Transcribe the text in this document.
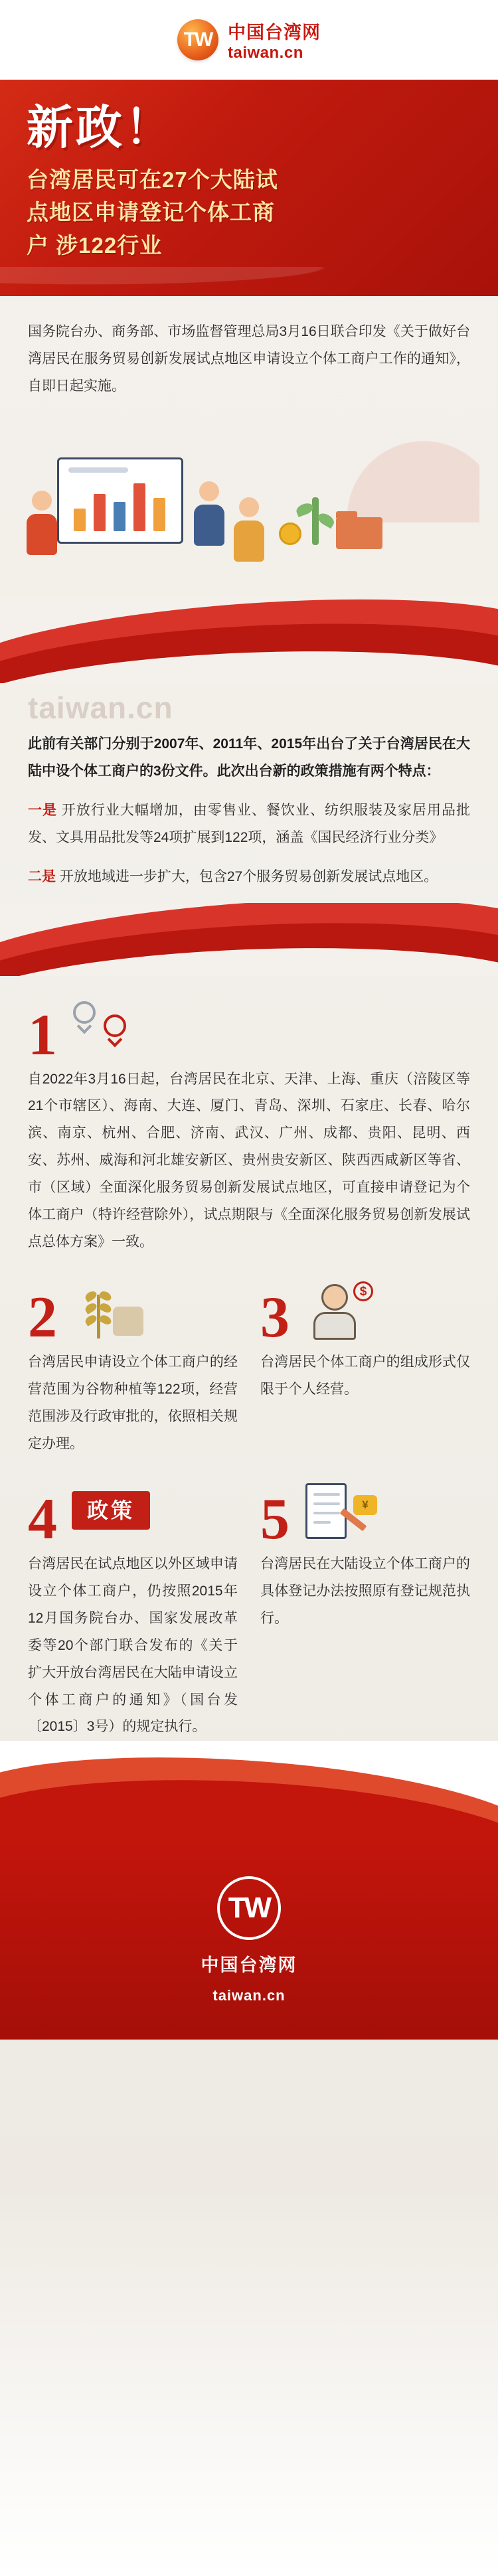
TW 中国台湾网
taiwan.cn
新政！
台湾居民可在27个大陆试
点地区申请登记个体工商
户 涉122行业
国务院台办、商务部、市场监督管理总局3月16日联合印发《关于做好台湾居民在服务贸易创新发展试点地区申请设立个体工商户工作的通知》，自即日起实施。
taiwan.cn
此前有关部门分别于2007年、2011年、2015年出台了关于台湾居民在大陆中设个体工商户的3份文件。此次出台新的政策措施有两个特点：
一是 开放行业大幅增加，由零售业、餐饮业、纺织服装及家居用品批发、文具用品批发等24项扩展到122项，涵盖《国民经济行业分类》
二是 开放地域进一步扩大，包含27个服务贸易创新发展试点地区。
1
自2022年3月16日起，台湾居民在北京、天津、上海、重庆（涪陵区等21个市辖区）、海南、大连、厦门、青岛、深圳、石家庄、长春、哈尔滨、南京、杭州、合肥、济南、武汉、广州、成都、贵阳、昆明、西安、苏州、威海和河北雄安新区、贵州贵安新区、陕西西咸新区等省、市（区域）全面深化服务贸易创新发展试点地区，可直接申请登记为个体工商户（特许经营除外），试点期限与《全面深化服务贸易创新发展试点总体方案》一致。
2
台湾居民申请设立个体工商户的经营范围为谷物种植等122项，经营范围涉及行政审批的，依照相关规定办理。
3	$
台湾居民个体工商户的组成形式仅限于个人经营。
4	政策
台湾居民在试点地区以外区域申请设立个体工商户，仍按照2015年12月国务院台办、国家发展改革委等20个部门联合发布的《关于扩大开放台湾居民在大陆申请设立个体工商户的通知》（国台发〔2015〕3号）的规定执行。
5	¥
台湾居民在大陆设立个体工商户的具体登记办法按照原有登记规范执行。
TW
中国台湾网
taiwan.cn
